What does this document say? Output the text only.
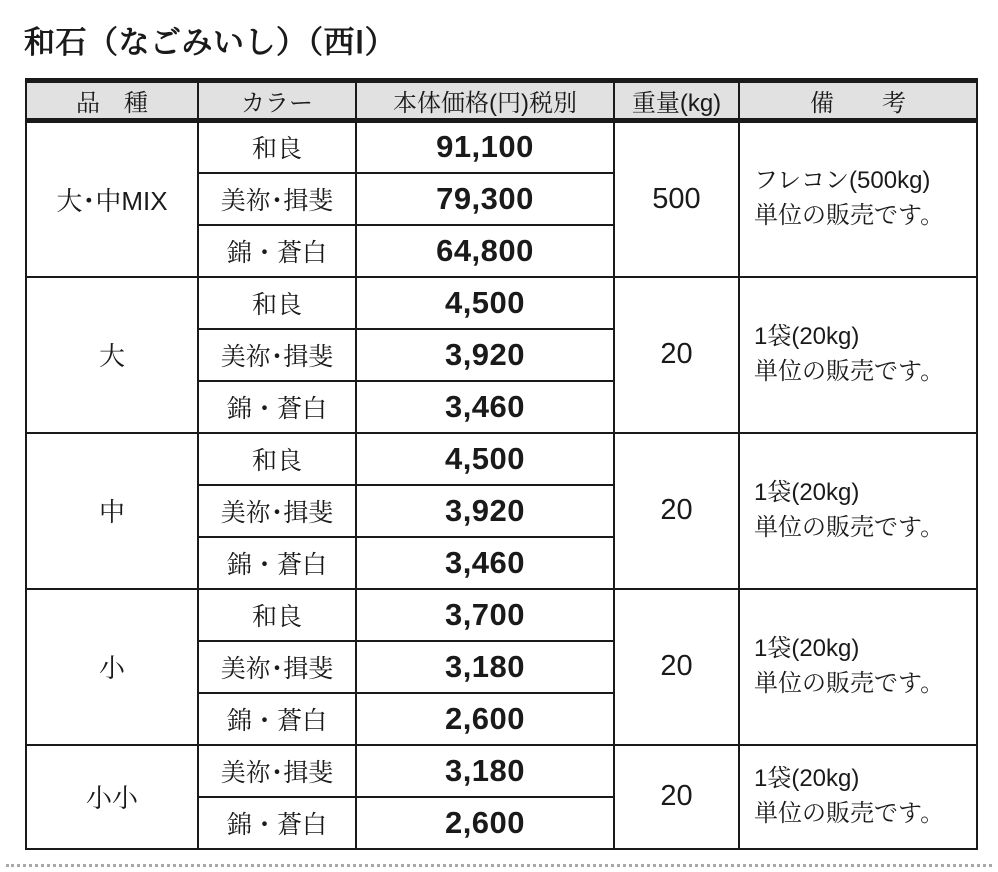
和石（なごみいし）（西Ⅰ）
品　種	カラー	本体価格(円)税別	重量(kg)	備　　考
大･中MIX	和良	91,100	500	フレコン(500kg)
単位の販売です。

	美祢･揖斐	79,300		
	錦・蒼白	64,800		
大	和良	4,500	20	1袋(20kg)
単位の販売です。

	美祢･揖斐	3,920		
	錦・蒼白	3,460		
中	和良	4,500	20	1袋(20kg)
単位の販売です。

	美祢･揖斐	3,920		
	錦・蒼白	3,460		
小	和良	3,700	20	1袋(20kg)
単位の販売です。

	美祢･揖斐	3,180		
	錦・蒼白	2,600		
小小	美祢･揖斐	3,180	20	1袋(20kg)
単位の販売です。

	錦・蒼白	2,600		
